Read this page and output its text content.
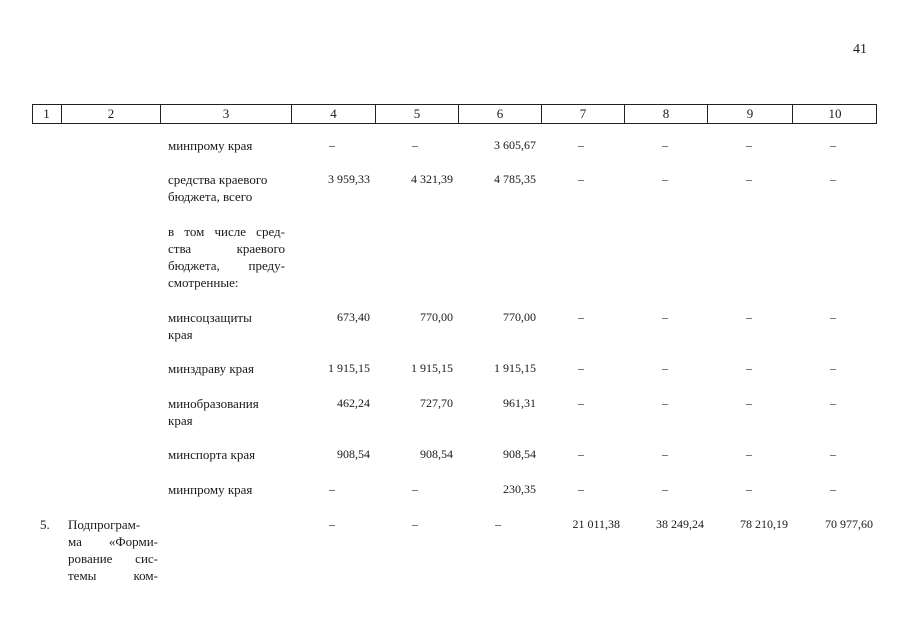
41
1	2	3	4	5	6	7	8	9	10
минпрому края	–	–	3 605,67	–	–	–	–
средства краевого
бюджета, всего
3 959,33	4 321,39	4 785,35	–	–	–	–
в том числе сред-
ства краевого
бюджета, преду-
смотренные:
минсоцзащиты
края
673,40	770,00	770,00	–	–	–	–
минздраву края	1 915,15	1 915,15	1 915,15	–	–	–	–
минобразования
края
462,24	727,70	961,31	–	–	–	–
минспорта края	908,54	908,54	908,54	–	–	–	–
минпрому края	–	–	230,35	–	–	–	–
5. Подпрограм-
ма «Форми-
рование сис-
темы ком-
–	–	–	21 011,38	38 249,24	78 210,19	70 977,60
